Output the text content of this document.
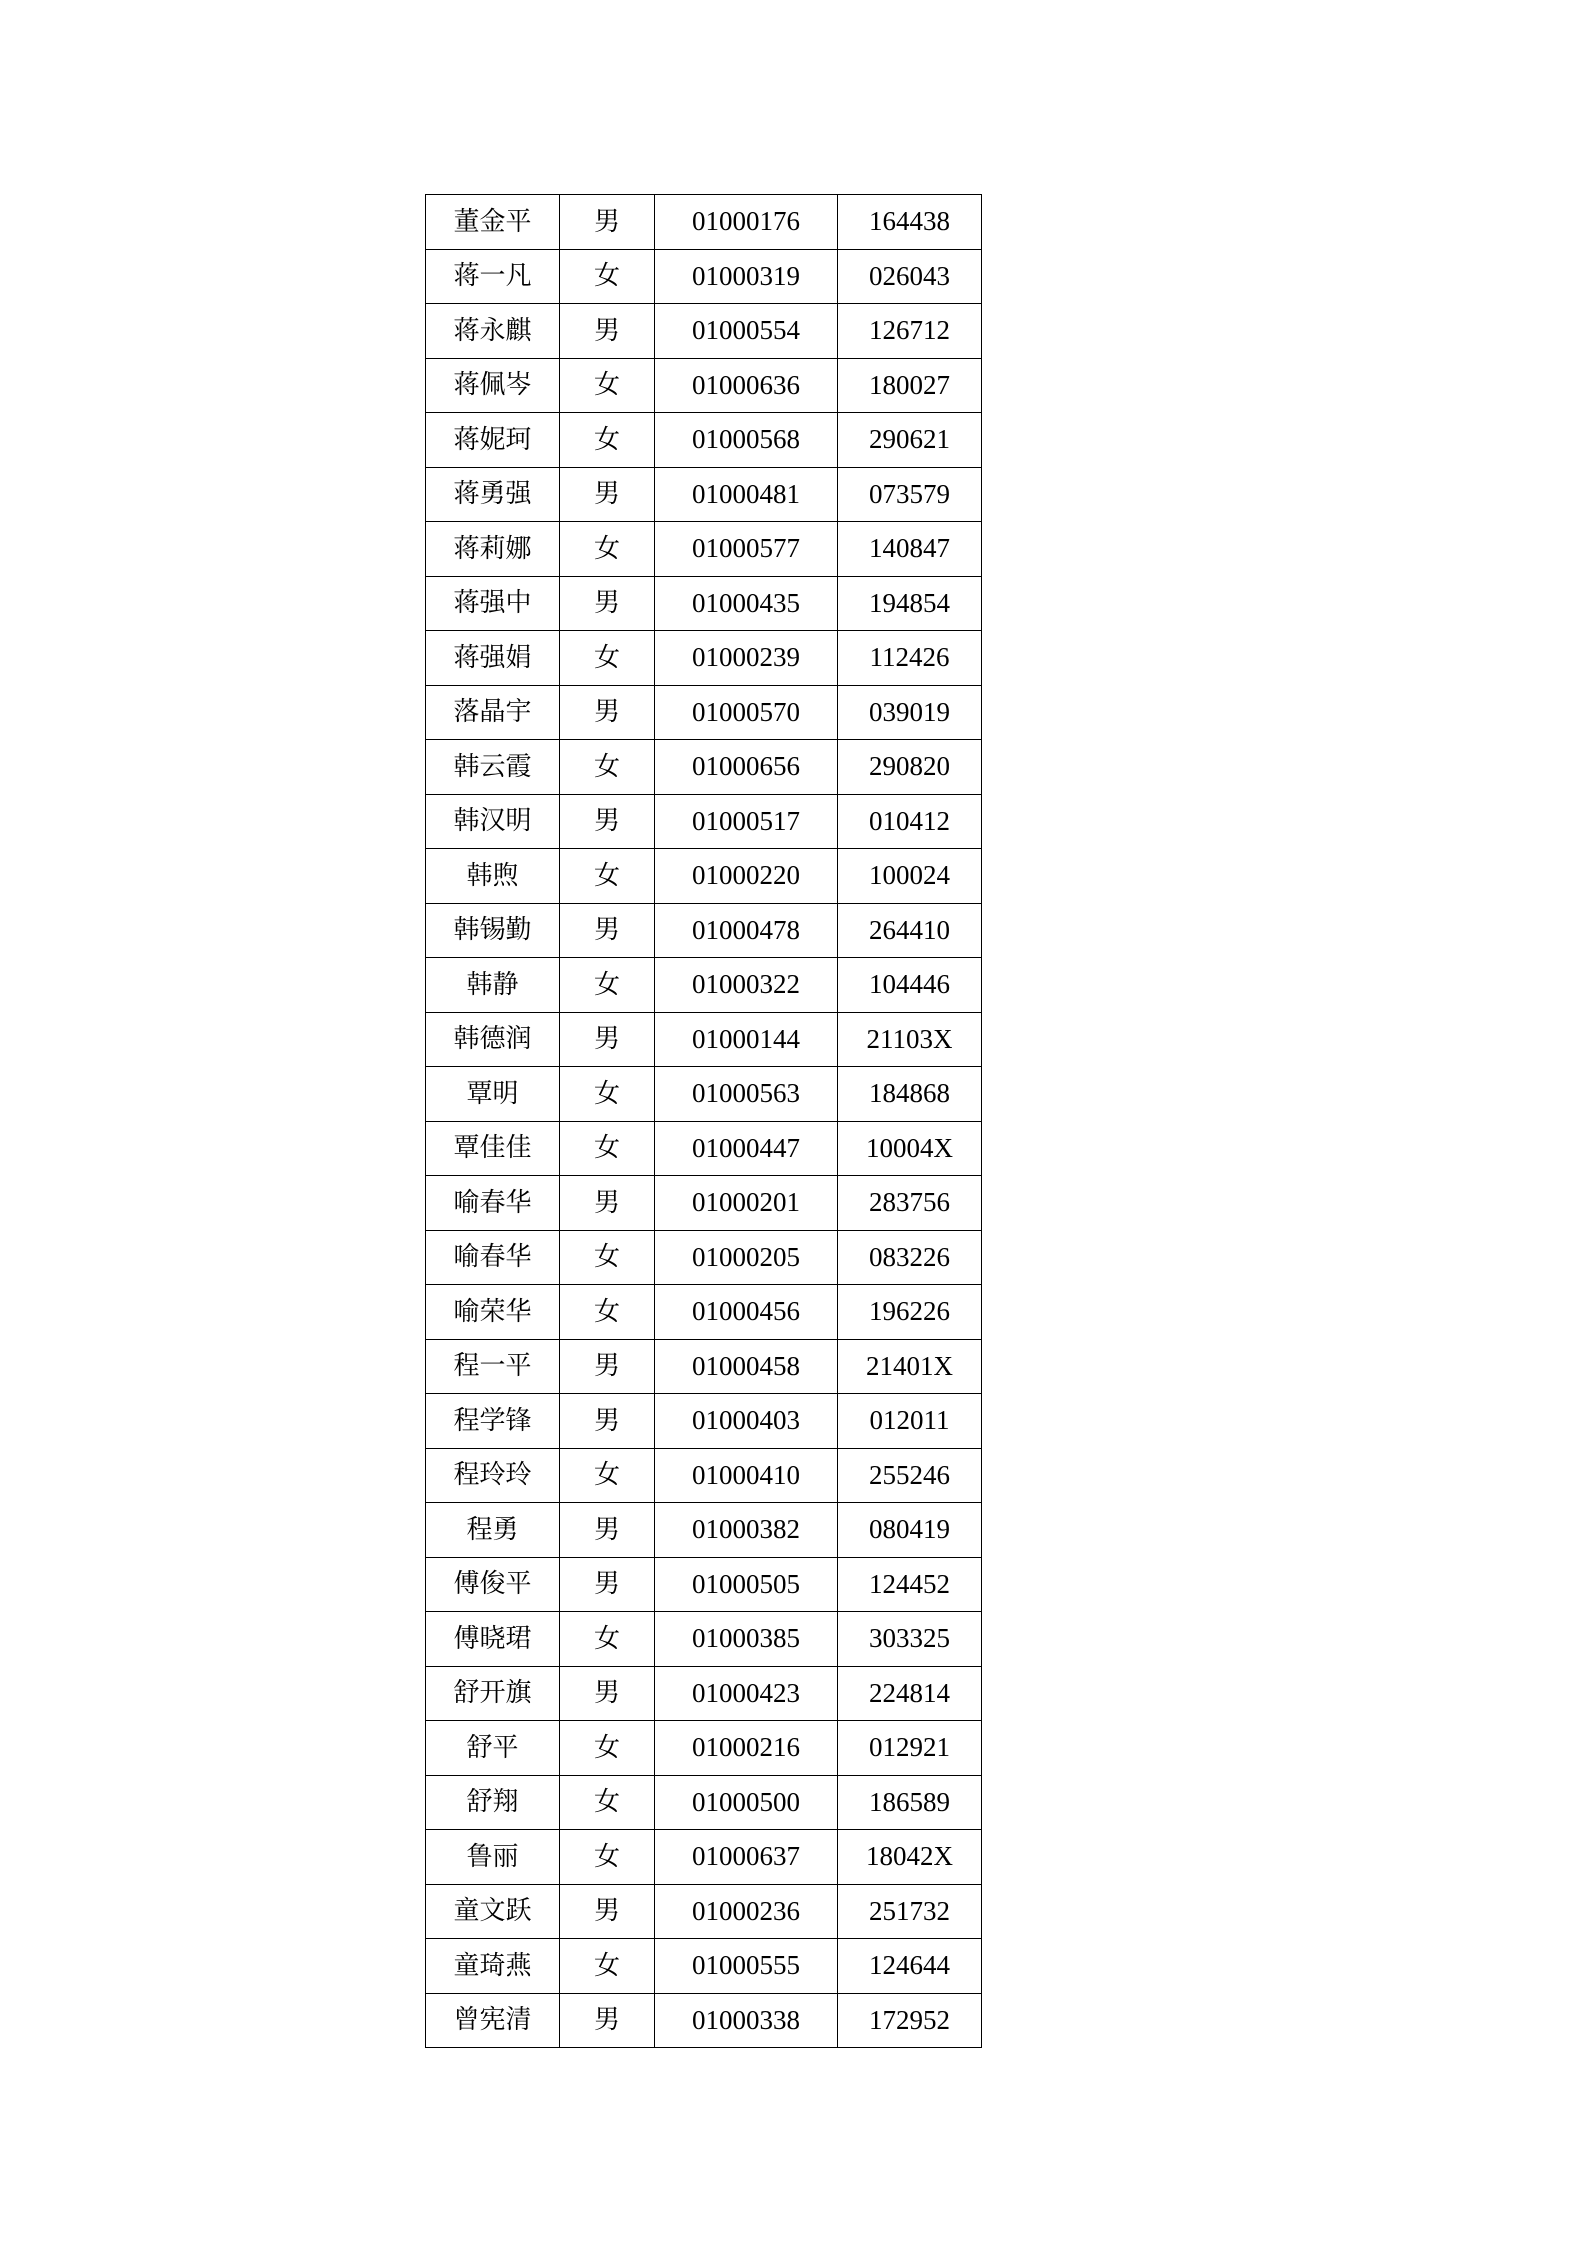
董金平	男	01000176	164438
蒋一凡	女	01000319	026043
蒋永麒	男	01000554	126712
蒋佩岑	女	01000636	180027
蒋妮珂	女	01000568	290621
蒋勇强	男	01000481	073579
蒋莉娜	女	01000577	140847
蒋强中	男	01000435	194854
蒋强娟	女	01000239	112426
落晶宇	男	01000570	039019
韩云霞	女	01000656	290820
韩汉明	男	01000517	010412
韩煦	女	01000220	100024
韩锡勤	男	01000478	264410
韩静	女	01000322	104446
韩德润	男	01000144	21103X
覃明	女	01000563	184868
覃佳佳	女	01000447	10004X
喻春华	男	01000201	283756
喻春华	女	01000205	083226
喻荣华	女	01000456	196226
程一平	男	01000458	21401X
程学锋	男	01000403	012011
程玲玲	女	01000410	255246
程勇	男	01000382	080419
傅俊平	男	01000505	124452
傅晓珺	女	01000385	303325
舒开旗	男	01000423	224814
舒平	女	01000216	012921
舒翔	女	01000500	186589
鲁丽	女	01000637	18042X
童文跃	男	01000236	251732
童琦燕	女	01000555	124644
曾宪清	男	01000338	172952
